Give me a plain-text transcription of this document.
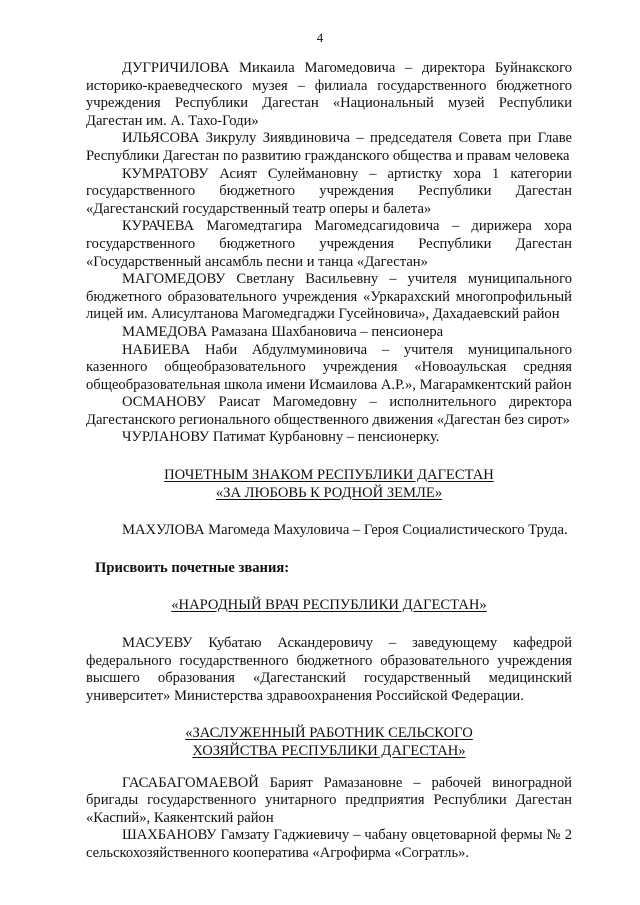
4

ДУГРИЧИЛОВА Микаила Магомедовича – директора Буйнакского историко-краеведческого музея – филиала государственного бюджетного учреждения Республики Дагестан «Национальный музей Республики Дагестан им. А. Тахо-Годи»

ИЛЬЯСОВА Зикрулу Зиявдиновича – председателя Совета при Главе Республики Дагестан по развитию гражданского общества и правам человека

КУМРАТОВУ Асият Сулеймановну – артистку хора 1 категории государственного бюджетного учреждения Республики Дагестан «Дагестанский государственный театр оперы и балета»

КУРАЧЕВА Магомедтагира Магомедсагидовича – дирижера хора государственного бюджетного учреждения Республики Дагестан «Государственный ансамбль песни и танца «Дагестан»

МАГОМЕДОВУ Светлану Васильевну – учителя муниципального бюджетного образовательного учреждения «Уркарахский многопрофильный лицей им. Алисултанова Магомедгаджи Гусейновича», Дахадаевский район

МАМЕДОВА Рамазана Шахбановича – пенсионера

НАБИЕВА Наби Абдулмуминовича – учителя муниципального казенного общеобразовательного учреждения «Новоаульская средняя общеобразовательная школа имени Исмаилова А.Р.», Магарамкентский район

ОСМАНОВУ Раисат Магомедовну – исполнительного директора Дагестанского регионального общественного движения «Дагестан без сирот»

ЧУРЛАНОВУ Патимат Курбановну – пенсионерку.

ПОЧЕТНЫМ ЗНАКОМ РЕСПУБЛИКИ ДАГЕСТАН

«ЗА ЛЮБОВЬ К РОДНОЙ ЗЕМЛЕ»

МАХУЛОВА Магомеда Махуловича – Героя Социалистического Труда.

Присвоить почетные звания:

«НАРОДНЫЙ ВРАЧ РЕСПУБЛИКИ ДАГЕСТАН»

МАСУЕВУ Кубатаю Аскандеровичу – заведующему кафедрой федерального государственного бюджетного образовательного учреждения высшего образования «Дагестанский государственный медицинский университет» Министерства здравоохранения Российской Федерации.

«ЗАСЛУЖЕННЫЙ РАБОТНИК СЕЛЬСКОГО

ХОЗЯЙСТВА РЕСПУБЛИКИ ДАГЕСТАН»

ГАСАБАГОМАЕВОЙ Барият Рамазановне – рабочей виноградной бригады государственного унитарного предприятия Республики Дагестан «Каспий», Каякентский район

ШАХБАНОВУ Гамзату Гаджиевичу – чабану овцетоварной фермы № 2 сельскохозяйственного кооператива «Агрофирма «Согратль».
